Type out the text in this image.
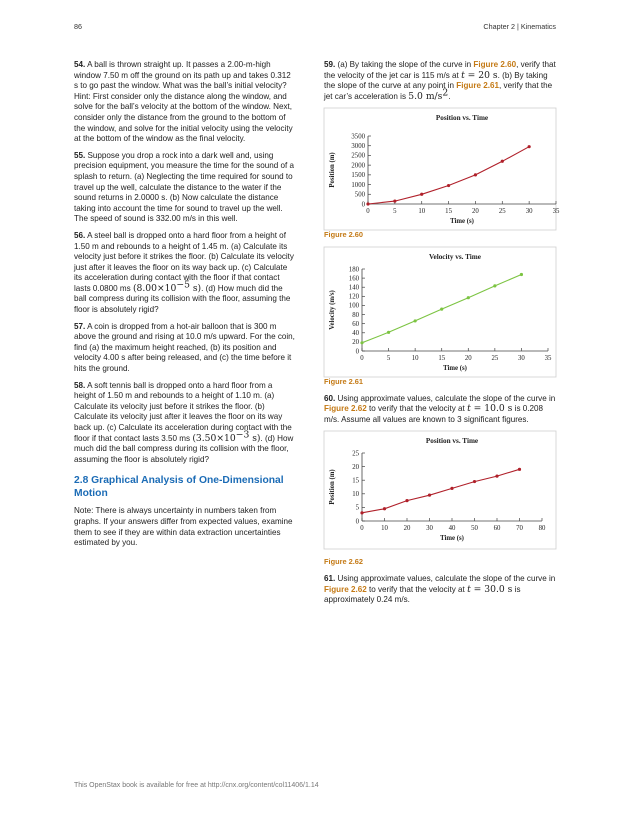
86	Chapter 2 | Kinematics

54. A ball is thrown straight up. It passes a 2.00-m-high window 7.50 m off the ground on its path up and takes 0.312 s to go past the window. What was the ball’s initial velocity? Hint: First consider only the distance along the window, and solve for the ball’s velocity at the bottom of the window. Next, consider only the distance from the ground to the bottom of the window, and solve for the initial velocity using the velocity at the bottom of the window as the final velocity.

55. Suppose you drop a rock into a dark well and, using precision equipment, you measure the time for the sound of a splash to return. (a) Neglecting the time required for sound to travel up the well, calculate the distance to the water if the sound returns in 2.0000 s. (b) Now calculate the distance taking into account the time for sound to travel up the well. The speed of sound is 332.00 m/s in this well.

56. A steel ball is dropped onto a hard floor from a height of 1.50 m and rebounds to a height of 1.45 m. (a) Calculate its velocity just before it strikes the floor. (b) Calculate its velocity just after it leaves the floor on its way back up. (c) Calculate its acceleration during contact with the floor if that contact lasts 0.0800 ms ($8.00\times 10^{-5}$ s). (d) How much did the ball compress during its collision with the floor, assuming the floor is absolutely rigid?

57. A coin is dropped from a hot-air balloon that is 300 m above the ground and rising at 10.0 m/s upward. For the coin, find (a) the maximum height reached, (b) its position and velocity 4.00 s after being released, and (c) the time before it hits the ground.

58. A soft tennis ball is dropped onto a hard floor from a height of 1.50 m and rebounds to a height of 1.10 m. (a) Calculate its velocity just before it strikes the floor. (b) Calculate its velocity just after it leaves the floor on its way back up. (c) Calculate its acceleration during contact with the floor if that contact lasts 3.50 ms ($3.50\times 10^{-3}$ s). (d) How much did the ball compress during its collision with the floor, assuming the floor is absolutely rigid?

2.8 Graphical Analysis of One-Dimensional Motion

Note: There is always uncertainty in numbers taken from graphs. If your answers differ from expected values, examine them to see if they are within data extraction uncertainties estimated by you.

59. (a) By taking the slope of the curve in Figure 2.60, verify that the velocity of the jet car is 115 m/s at t = 20 s. (b) By taking the slope of the curve at any point in Figure 2.61, verify that the jet car’s acceleration is 5.0 $m/s^2$.

Position vs. Time
0	5	10	15	20	25	30	35
0
500
1000
1500
2000
2500
3000
3500
Time (s)
Position (m)
Figure 2.60
Velocity vs. Time
0	5	10	15	20	25	30	35
0
20
40
60
80
100
120
140
160
180
Time (s)
Velocity (m/s)
Figure 2.61

60. Using approximate values, calculate the slope of the curve in Figure 2.62 to verify that the velocity at t = 10.0 s is 0.208 m/s. Assume all values are known to 3 significant figures.

Position vs. Time
0	10 20 30 40 50 60 70 80
0
5
10
15
20
25
Time (s)
Position (m)
Figure 2.62

61. Using approximate values, calculate the slope of the curve in Figure 2.62 to verify that the velocity at t = 30.0 s is approximately 0.24 m/s.

This OpenStax book is available for free at http://cnx.org/content/col11406/1.14
